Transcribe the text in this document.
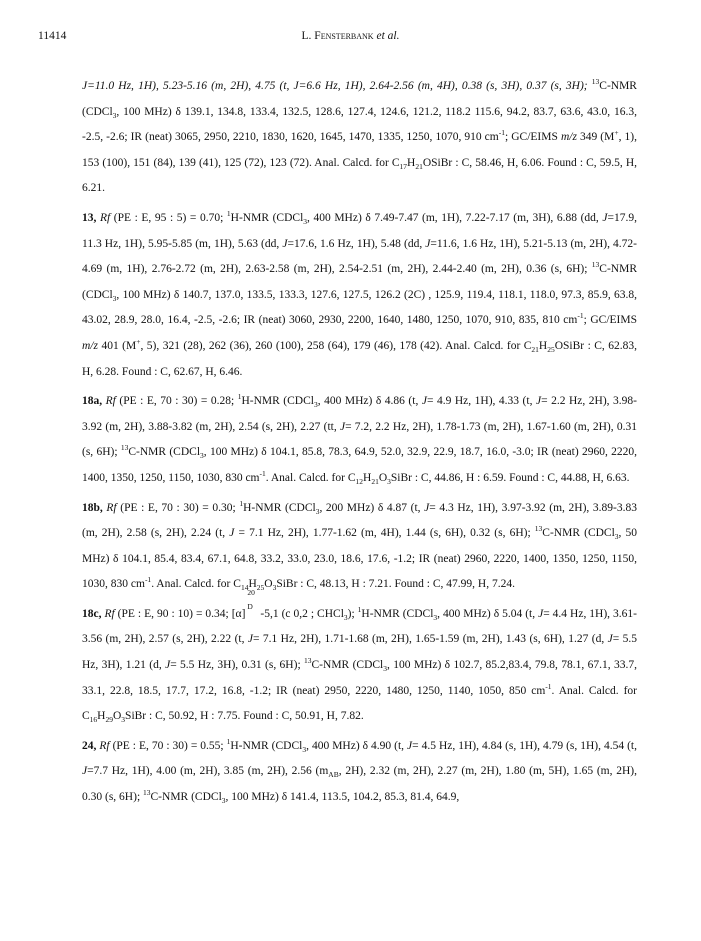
11414	L. Fensterbank et al.

J=11.0 Hz, 1H), 5.23-5.16 (m, 2H), 4.75 (t, J=6.6 Hz, 1H), 2.64-2.56 (m, 4H), 0.38 (s, 3H), 0.37 (s, 3H); $^{13}$C-NMR (CDCl$_3$, 100 MHz) δ 139.1, 134.8, 133.4, 132.5, 128.6, 127.4, 124.6, 121.2, 118.2 115.6, 94.2, 83.7, 63.6, 43.0, 16.3, -2.5, -2.6; IR (neat) 3065, 2950, 2210, 1830, 1620, 1645, 1470, 1335, 1250, 1070, 910 $cm^{-1}$; GC/EIMS m/z 349 (M+, 1), 153 (100), 151 (84), 139 (41), 125 (72), 123 (72). Anal. Calcd. for $C_{17}H_{21}OSiBr$ : C, 58.46, H, 6.06. Found : C, 59.5, H, 6.21.

13, Rf (PE : E, 95 : 5) = 0.70; $^1$H-NMR (CDCl$_3$, 400 MHz) δ 7.49-7.47 (m, 1H), 7.22-7.17 (m, 3H), 6.88 (dd, J=17.9, 11.3 Hz, 1H), 5.95-5.85 (m, 1H), 5.63 (dd, J=17.6, 1.6 Hz, 1H), 5.48 (dd, J=11.6, 1.6 Hz, 1H), 5.21-5.13 (m, 2H), 4.72-4.69 (m, 1H), 2.76-2.72 (m, 2H), 2.63-2.58 (m, 2H), 2.54-2.51 (m, 2H), 2.44-2.40 (m, 2H), 0.36 (s, 6H); $^{13}$C-NMR (CDCl$_3$, 100 MHz) δ 140.7, 137.0, 133.5, 133.3, 127.6, 127.5, 126.2 (2C) , 125.9, 119.4, 118.1, 118.0, 97.3, 85.9, 63.8, 43.02, 28.9, 28.0, 16.4, -2.5, -2.6; IR (neat) 3060, 2930, 2200, 1640, 1480, 1250, 1070, 910, 835, 810 $cm^{-1}$; GC/EIMS m/z 401 (M+, 5), 321 (28), 262 (36), 260 (100), 258 (64), 179 (46), 178 (42). Anal. Calcd. for $C_{21}H_{25}OSiBr$ : C, 62.83, H, 6.28. Found : C, 62.67, H, 6.46.

18a, Rf (PE : E, 70 : 30) = 0.28; $^1$H-NMR (CDCl$_3$, 400 MHz) δ 4.86 (t, J= 4.9 Hz, 1H), 4.33 (t, J= 2.2 Hz, 2H), 3.98-3.92 (m, 2H), 3.88-3.82 (m, 2H), 2.54 (s, 2H), 2.27 (tt, J= 7.2, 2.2 Hz, 2H), 1.78-1.73 (m, 2H), 1.67-1.60 (m, 2H), 0.31 (s, 6H); $^{13}$C-NMR (CDCl$_3$, 100 MHz) δ 104.1, 85.8, 78.3, 64.9, 52.0, 32.9, 22.9, 18.7, 16.0, -3.0; IR (neat) 2960, 2220, 1400, 1350, 1250, 1150, 1030, 830 $cm^{-1}$. Anal. Calcd. for $C_{12}H_{21}O_3SiBr$ : C, 44.86, H : 6.59. Found : C, 44.88, H, 6.63.

18b, Rf (PE : E, 70 : 30) = 0.30; $^1$H-NMR (CDCl$_3$, 200 MHz) δ 4.87 (t, J= 4.3 Hz, 1H), 3.97-3.92 (m, 2H), 3.89-3.83 (m, 2H), 2.58 (s, 2H), 2.24 (t, J = 7.1 Hz, 2H), 1.77-1.62 (m, 4H), 1.44 (s, 6H), 0.32 (s, 6H); $^{13}$C-NMR (CDCl$_3$, 50 MHz) δ 104.1, 85.4, 83.4, 67.1, 64.8, 33.2, 33.0, 23.0, 18.6, 17.6, -1.2; IR (neat) 2960, 2220, 1400, 1350, 1250, 1150, 1030, 830 $cm^{-1}$. Anal. Calcd. for $C_{14}H_{25}O_3SiBr$ : C, 48.13, H : 7.21. Found : C, 47.99, H, 7.24.

18c, Rf (PE : E, 90 : 10) = 0.34; [α]
20
D
-5,1 (c 0,2 ; CHCl$_3$); $^1$H-NMR (CDCl$_3$, 400 MHz) δ 5.04 (t, J= 4.4 Hz, 1H), 3.61-3.56 (m, 2H), 2.57 (s, 2H), 2.22 (t, J= 7.1 Hz, 2H), 1.71-1.68 (m, 2H), 1.65-1.59 (m, 2H), 1.43 (s, 6H), 1.27 (d, J= 5.5 Hz, 3H), 1.21 (d, J= 5.5 Hz, 3H), 0.31 (s, 6H); $^{13}$C-NMR (CDCl$_3$, 100 MHz) δ 102.7, 85.2,83.4, 79.8, 78.1, 67.1, 33.7, 33.1, 22.8, 18.5, 17.7, 17.2, 16.8, -1.2; IR (neat) 2950, 2220, 1480, 1250, 1140, 1050, 850 $cm^{-1}$. Anal. Calcd. for $C_{16}H_{29}O_3SiBr$ : C, 50.92, H : 7.75. Found : C, 50.91, H, 7.82.

24, Rf (PE : E, 70 : 30) = 0.55; $^1$H-NMR (CDCl$_3$, 400 MHz) δ 4.90 (t, J= 4.5 Hz, 1H), 4.84 (s, 1H), 4.79 (s, 1H), 4.54 (t, J=7.7 Hz, 1H), 4.00 (m, 2H), 3.85 (m, 2H), 2.56 ($m_{AB}$, 2H), 2.32 (m, 2H), 2.27 (m, 2H), 1.80 (m, 5H), 1.65 (m, 2H), 0.30 (s, 6H); $^{13}$C-NMR (CDCl$_3$, 100 MHz) δ 141.4, 113.5, 104.2, 85.3, 81.4, 64.9,
